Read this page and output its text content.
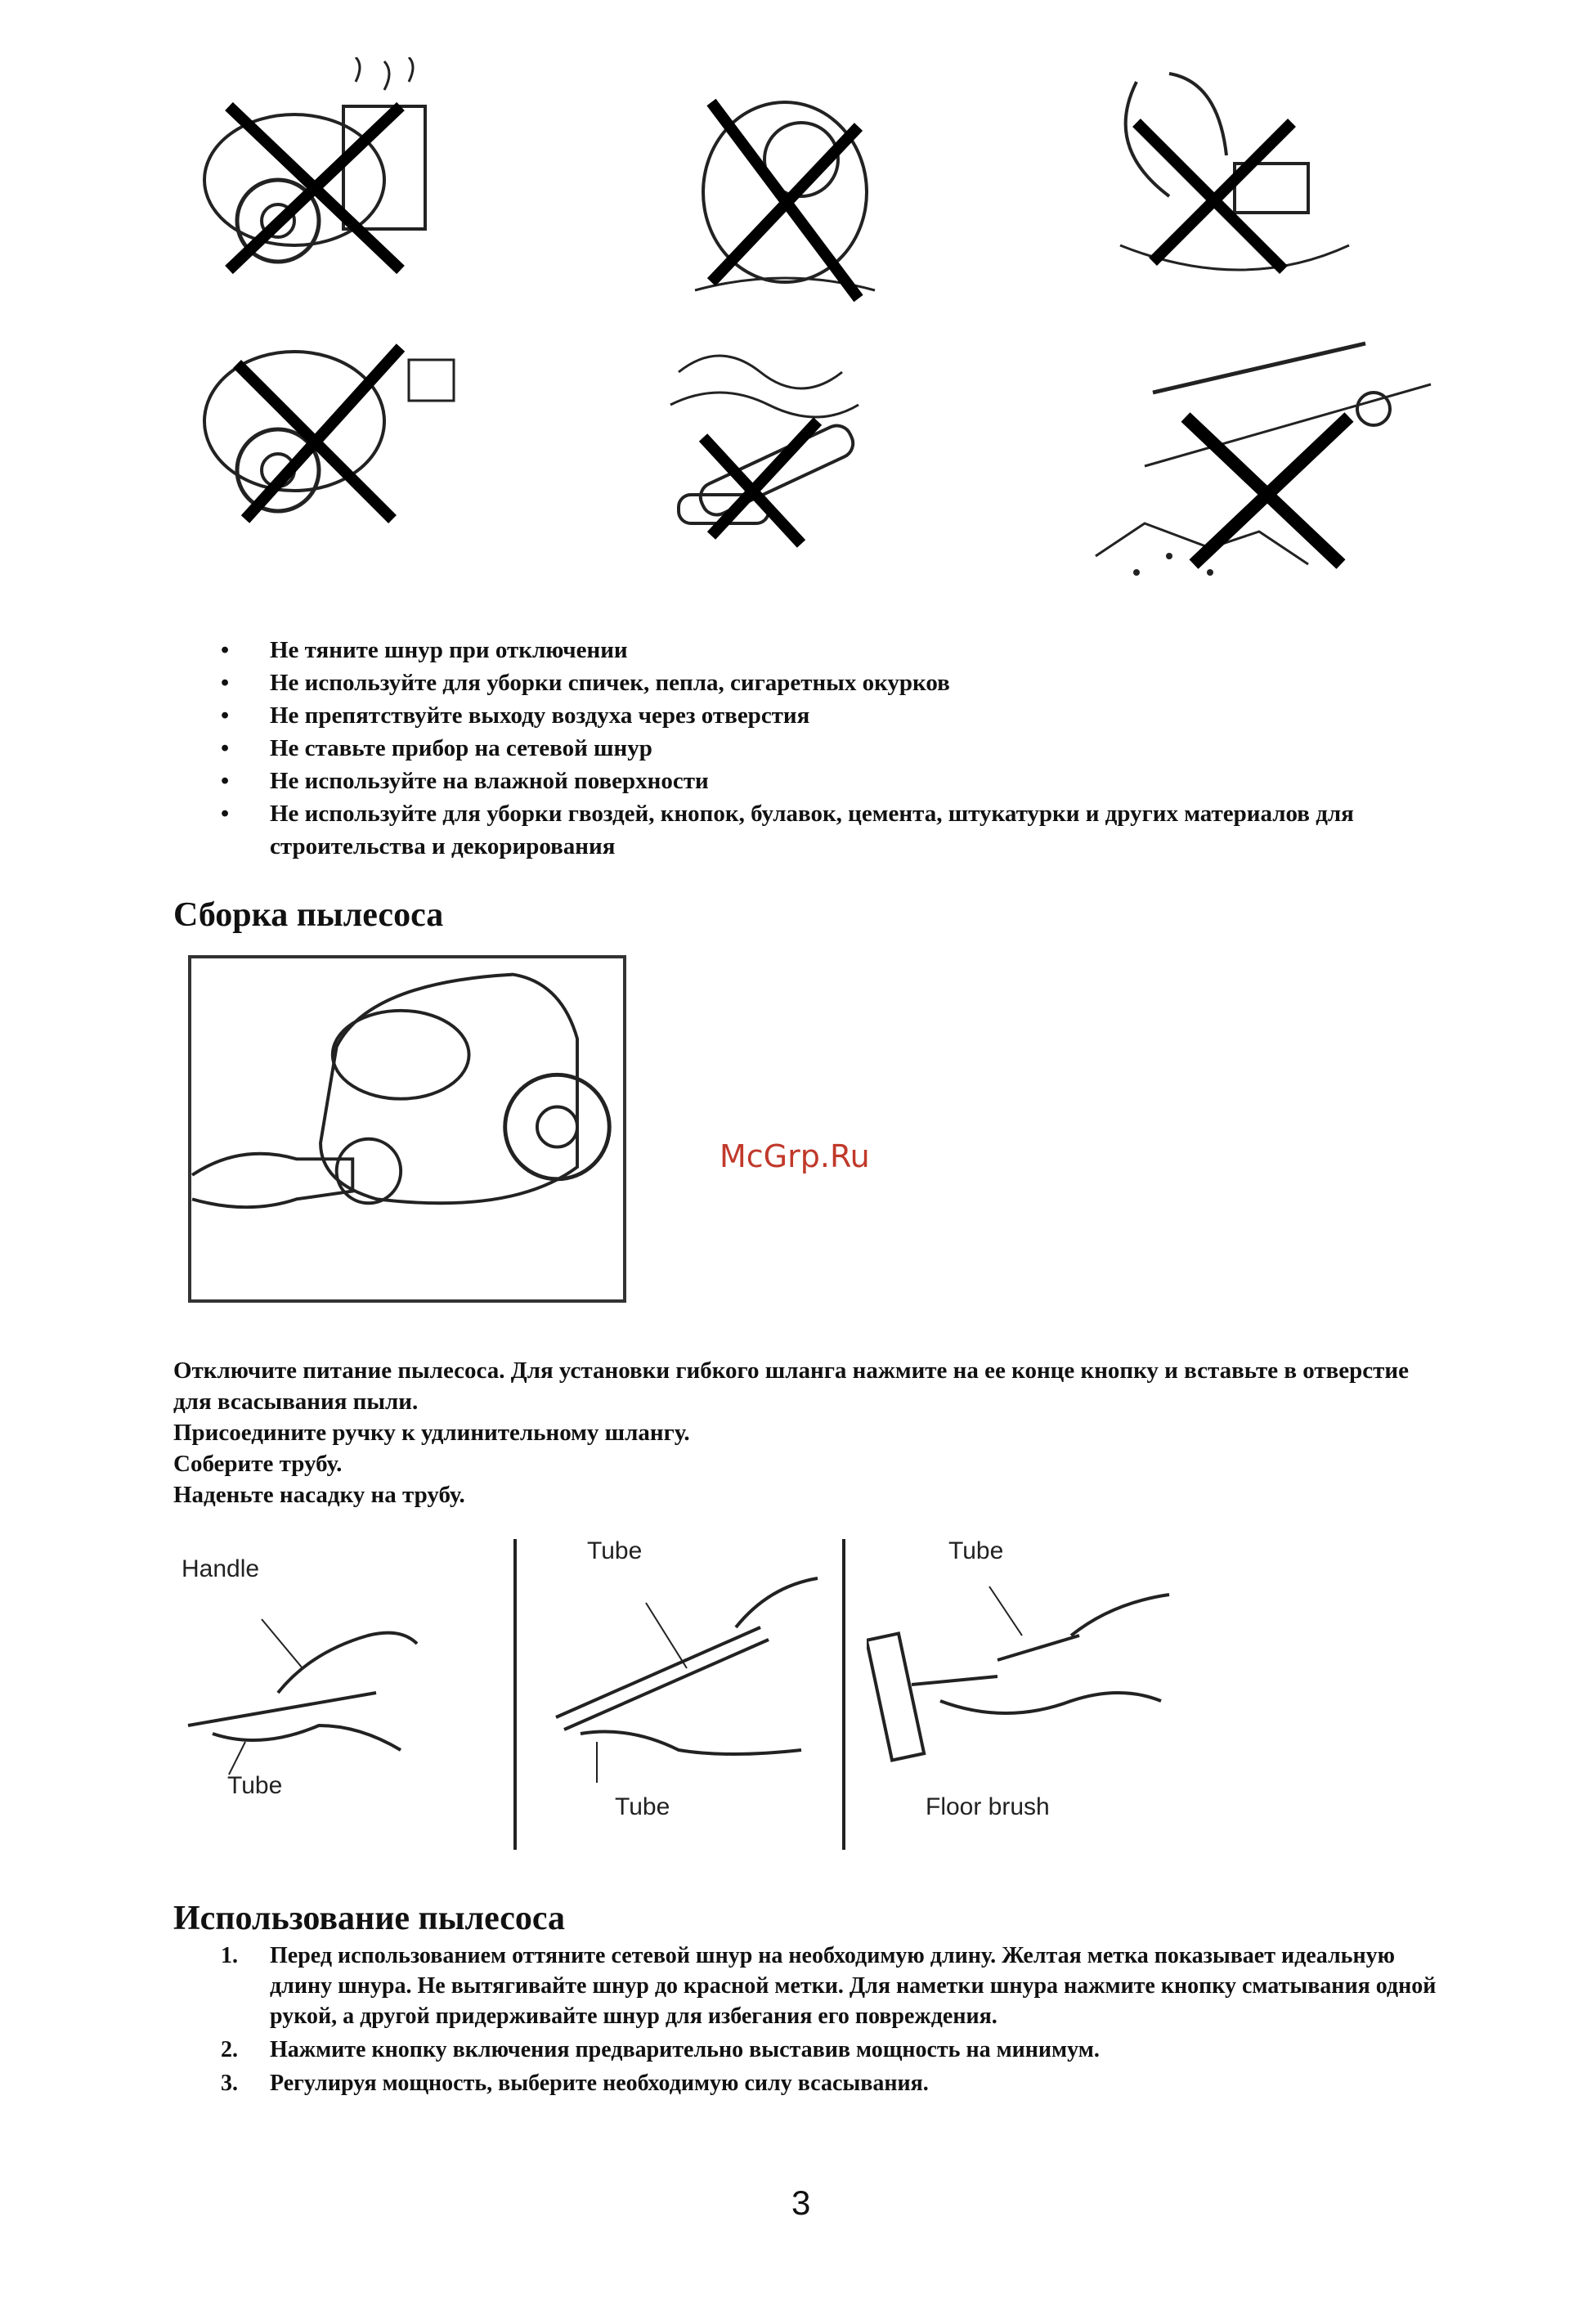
• Не тяните шнур при отключении
• Не используйте для уборки спичек, пепла, сигаретных окурков
• Не препятствуйте выходу воздуха через отверстия
• Не ставьте прибор на сетевой шнур
• Не используйте на влажной поверхности
• Не используйте для уборки гвоздей, кнопок, булавок, цемента, штукатурки и других материалов для строительства и декорирования
Сборка пылесоса
McGrp.Ru

Отключите питание пылесоса. Для установки гибкого шланга нажмите на ее конце кнопку и вставьте в отверстие для всасывания пыли.

Присоедините ручку к удлинительному шлангу.

Соберите трубу.

Наденьте насадку на трубу.

Handle
Tube
Tube
Tube
Tube
Floor brush
Использование пылесоса
1. Перед использованием оттяните сетевой шнур на необходимую длину. Желтая метка показывает идеальную длину шнура. Не вытягивайте шнур до красной метки. Для наметки шнура нажмите кнопку сматывания одной рукой, а другой придерживайте шнур для избегания его повреждения.
2. Нажмите кнопку включения предварительно выставив мощность на минимум.
3. Регулируя мощность, выберите необходимую силу всасывания.
3
